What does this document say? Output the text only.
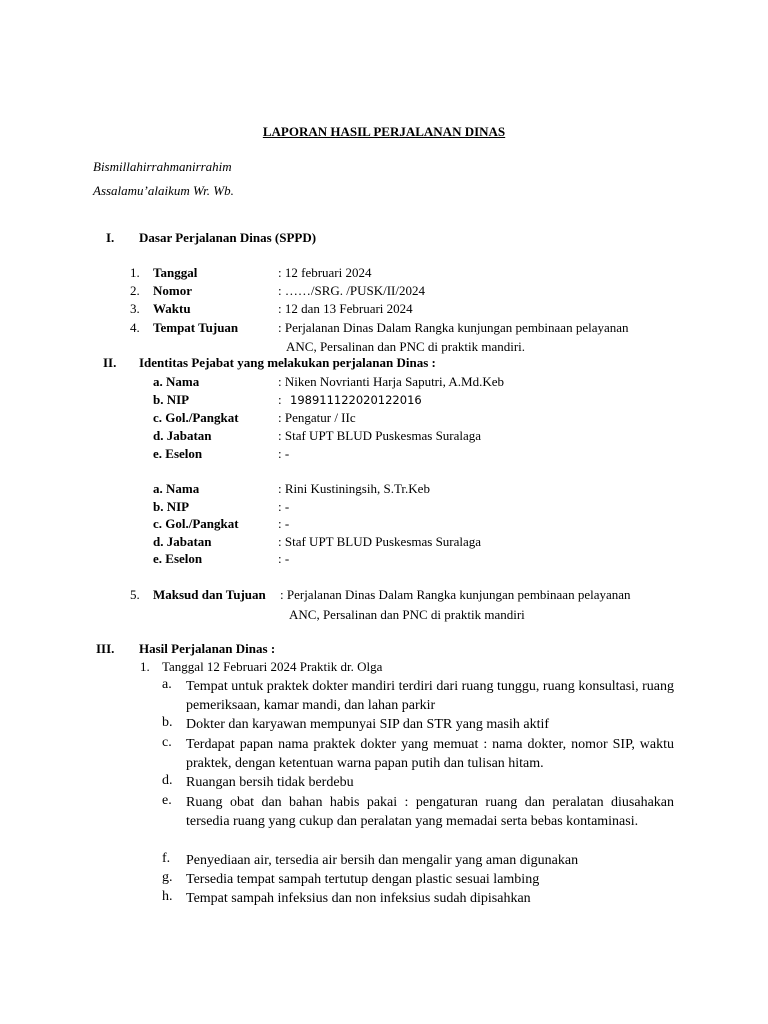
LAPORAN HASIL PERJALANAN DINAS
Bismillahirrahmanirrahim
Assalamu’alaikum Wr. Wb.
I. Dasar Perjalanan Dinas (SPPD)
1. Tanggal	: 12 februari 2024
2. Nomor	: ……/SRG. /PUSK/II/2024
3. Waktu	: 12 dan 13 Februari 2024
4. Tempat Tujuan	: Perjalanan Dinas Dalam Rangka kunjungan pembinaan pelayanan
ANC, Persalinan dan PNC di praktik mandiri.
II. Identitas Pejabat yang melakukan perjalanan Dinas :
a. Nama	: Niken Novrianti Harja Saputri, A.Md.Keb
b. NIP	: 198911122020122016
c. Gol./Pangkat	: Pengatur / IIc
d. Jabatan	: Staf UPT BLUD Puskesmas Suralaga
e. Eselon	: -
a. Nama	: Rini Kustiningsih, S.Tr.Keb
b. NIP	: -
c. Gol./Pangkat	: -
d. Jabatan	: Staf UPT BLUD Puskesmas Suralaga
e. Eselon	: -
5. Maksud dan Tujuan : Perjalanan Dinas Dalam Rangka kunjungan pembinaan pelayanan
ANC, Persalinan dan PNC di praktik mandiri
III. Hasil Perjalanan Dinas :
1. Tanggal 12 Februari 2024 Praktik dr. Olga
a. Tempat untuk praktek dokter mandiri terdiri dari ruang tunggu, ruang konsultasi, ruang pemeriksaan, kamar mandi, dan lahan parkir
b. Dokter dan karyawan mempunyai SIP dan STR yang masih aktif
c. Terdapat papan nama praktek dokter yang memuat : nama dokter, nomor SIP, waktu praktek, dengan ketentuan warna papan putih dan tulisan hitam.
d. Ruangan bersih tidak berdebu
e. Ruang obat dan bahan habis pakai : pengaturan ruang dan peralatan diusahakan tersedia ruang yang cukup dan peralatan yang memadai serta bebas kontaminasi.
f. Penyediaan air, tersedia air bersih dan mengalir yang aman digunakan
g. Tersedia tempat sampah tertutup dengan plastic sesuai lambing
h. Tempat sampah infeksius dan non infeksius sudah dipisahkan
